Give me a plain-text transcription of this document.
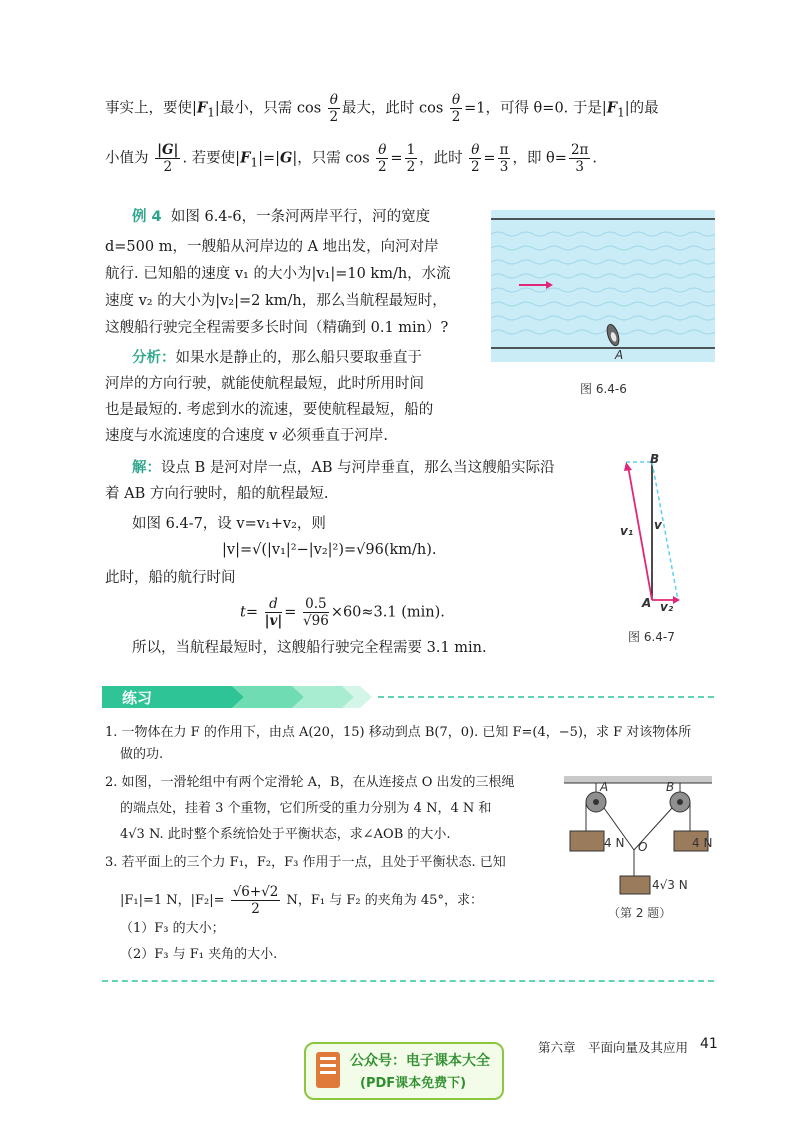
事实上，要使$|F_1|$最小，只需 $\cos \frac{\theta}{2}$ 最大，此时 $\cos \frac{\theta}{2} =1$，可得 θ=0. 于是$|F_1|$的最
小值为 $\frac{|G|}{2}$ . 若要使$|F_1|=|G|$，只需 $\cos \frac{\theta}{2} = \frac{1}{2}$ ，此时 $\frac{\theta}{2} = \frac{\pi}{3}$ ，即 $\theta= \frac{2\pi}{3}$ .
例 4 如图 6.4-6，一条河两岸平行，河的宽度
d=500 m，一艘船从河岸边的 A 地出发，向河对岸
航行. 已知船的速度 v₁ 的大小为|v₁|=10 km/h，水流
速度 v₂ 的大小为|v₂|=2 km/h，那么当航程最短时，
这艘船行驶完全程需要多长时间（精确到 0.1 min）?
分析：如果水是静止的，那么船只要取垂直于
河岸的方向行驶，就能使航程最短，此时所用时间
也是最短的. 考虑到水的流速，要使航程最短，船的
速度与水流速度的合速度 v 必须垂直于河岸.
A
图 6.4-6
解：设点 B 是河对岸一点，AB 与河岸垂直，那么当这艘船实际沿
着 AB 方向行驶时，船的航程最短.
如图 6.4-7，设 v=v₁+v₂，则
|v|=√(|v₁|²−|v₂|²)=√96(km/h).
此时，船的航行时间
$t= \frac{d}{|v|} = \frac{0.5}{√96} \times 60\approx 3.1$ (min).
所以，当航程最短时，这艘船行驶完全程需要 3.1 min.
B
A
v
v₁
v₂
图 6.4-7
练习
1. 一物体在力 F 的作用下，由点 A(20，15) 移动到点 B(7，0). 已知 F=(4，−5)，求 F 对该物体所
做的功.
2. 如图，一滑轮组中有两个定滑轮 A，B，在从连接点 O 出发的三根绳
的端点处，挂着 3 个重物，它们所受的重力分别为 4 N，4 N 和
4√3 N. 此时整个系统恰处于平衡状态，求∠AOB 的大小.
3. 若平面上的三个力 F₁，F₂，F₃ 作用于一点，且处于平衡状态. 已知
|F₁|=1 N，$|F_2|= \frac{√6+√2}{2}$ N，F₁ 与 F₂ 的夹角为 45°，求：
（1）F₃ 的大小；
（2）F₃ 与 F₁ 夹角的大小.
A	B
O
4 N	4 N
4√3 N
（第 2 题）
第六章　平面向量及其应用 41
公众号：电子课本大全
(PDF课本免费下)
